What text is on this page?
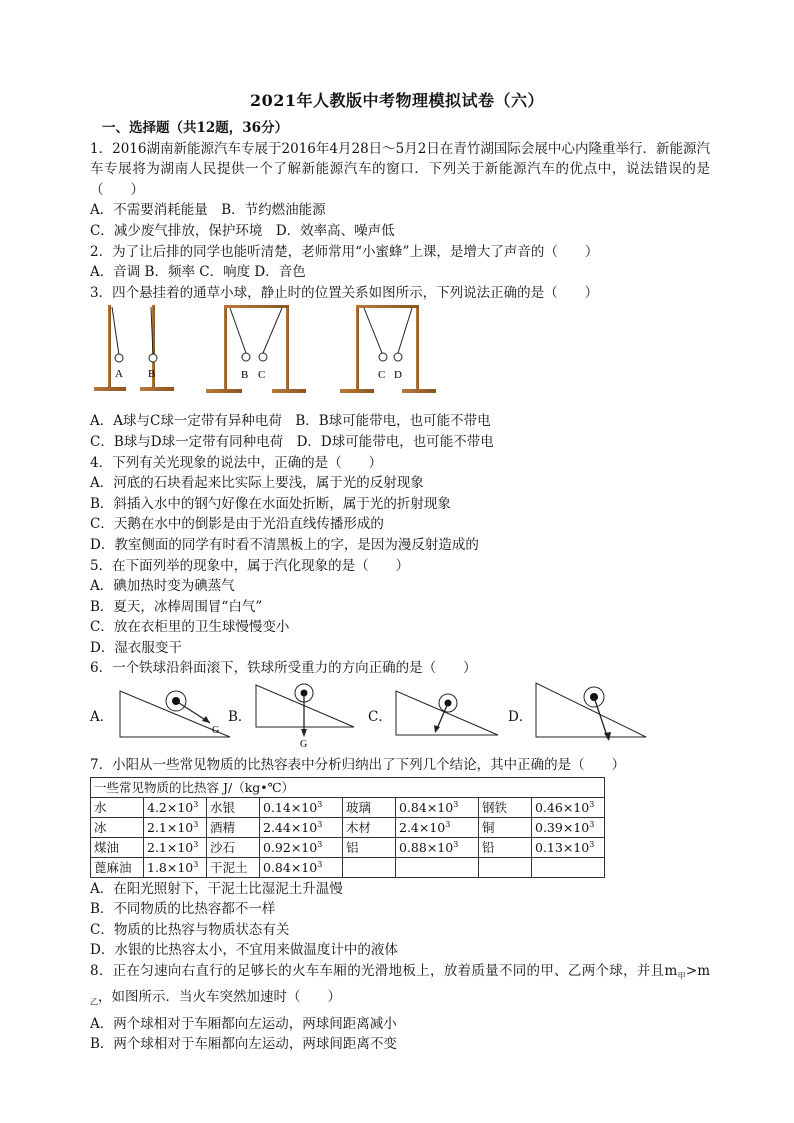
2021年人教版中考物理模拟试卷（六）
一、选择题（共12题，36分）
1．2016湖南新能源汽车专展于2016年4月28日～5月2日在青竹湖国际会展中心内隆重举行．新能源汽车专展将为湖南人民提供一个了解新能源汽车的窗口．下列关于新能源汽车的优点中，说法错误的是（　　）
A．不需要消耗能量　B．节约燃油能源
C．减少废气排放，保护环境　D．效率高、噪声低
2．为了让后排的同学也能听清楚，老师常用“小蜜蜂”上课，是增大了声音的（　　）
A．音调 B．频率 C．响度 D．音色
3．四个悬挂着的通草小球，静止时的位置关系如图所示，下列说法正确的是（　　）
A B	B C	C D
A．A球与C球一定带有异种电荷　B．B球可能带电，也可能不带电
C．B球与D球一定带有同种电荷　D．D球可能带电，也可能不带电
4．下列有关光现象的说法中，正确的是（　　）
A．河底的石块看起来比实际上要浅，属于光的反射现象
B．斜插入水中的钢勺好像在水面处折断，属于光的折射现象
C．天鹅在水中的倒影是由于光沿直线传播形成的
D．教室侧面的同学有时看不清黑板上的字，是因为漫反射造成的
5．在下面列举的现象中，属于汽化现象的是（　　）
A．碘加热时变为碘蒸气
B．夏天，冰棒周围冒“白气”
C．放在衣柜里的卫生球慢慢变小
D．湿衣服变干
6．一个铁球沿斜面滚下，铁球所受重力的方向正确的是（　　）
A．
G
B．
G
C．	D．
7．小阳从一些常见物质的比热容表中分析归纳出了下列几个结论，其中正确的是（　　）
一些常见物质的比热容 J/（kg•℃）							
水	$4.2\times 10^3$	水银	$0.14\times 10^3$	玻璃	$0.84\times 10^3$	钢铁	$0.46\times 10^3$
冰	$2.1\times 10^3$	酒精	$2.44\times 10^3$	木材	$2.4\times 10^3$	铜	$0.39\times 10^3$
煤油	$2.1\times 10^3$	沙石	$0.92\times 10^3$	铝	$0.88\times 10^3$	铅	$0.13\times 10^3$
蓖麻油	$1.8\times 10^3$	干泥土	$0.84\times 10^3$				
A．在阳光照射下，干泥土比湿泥土升温慢
B．不同物质的比热容都不一样
C．物质的比热容与物质状态有关
D．水银的比热容太小，不宜用来做温度计中的液体
8．正在匀速向右直行的足够长的火车车厢的光滑地板上，放着质量不同的甲、乙两个球，并且$m_甲>m_乙$，如图所示．当火车突然加速时（　　）
A．两个球相对于车厢都向左运动，两球间距离减小
B．两个球相对于车厢都向左运动，两球间距离不变
